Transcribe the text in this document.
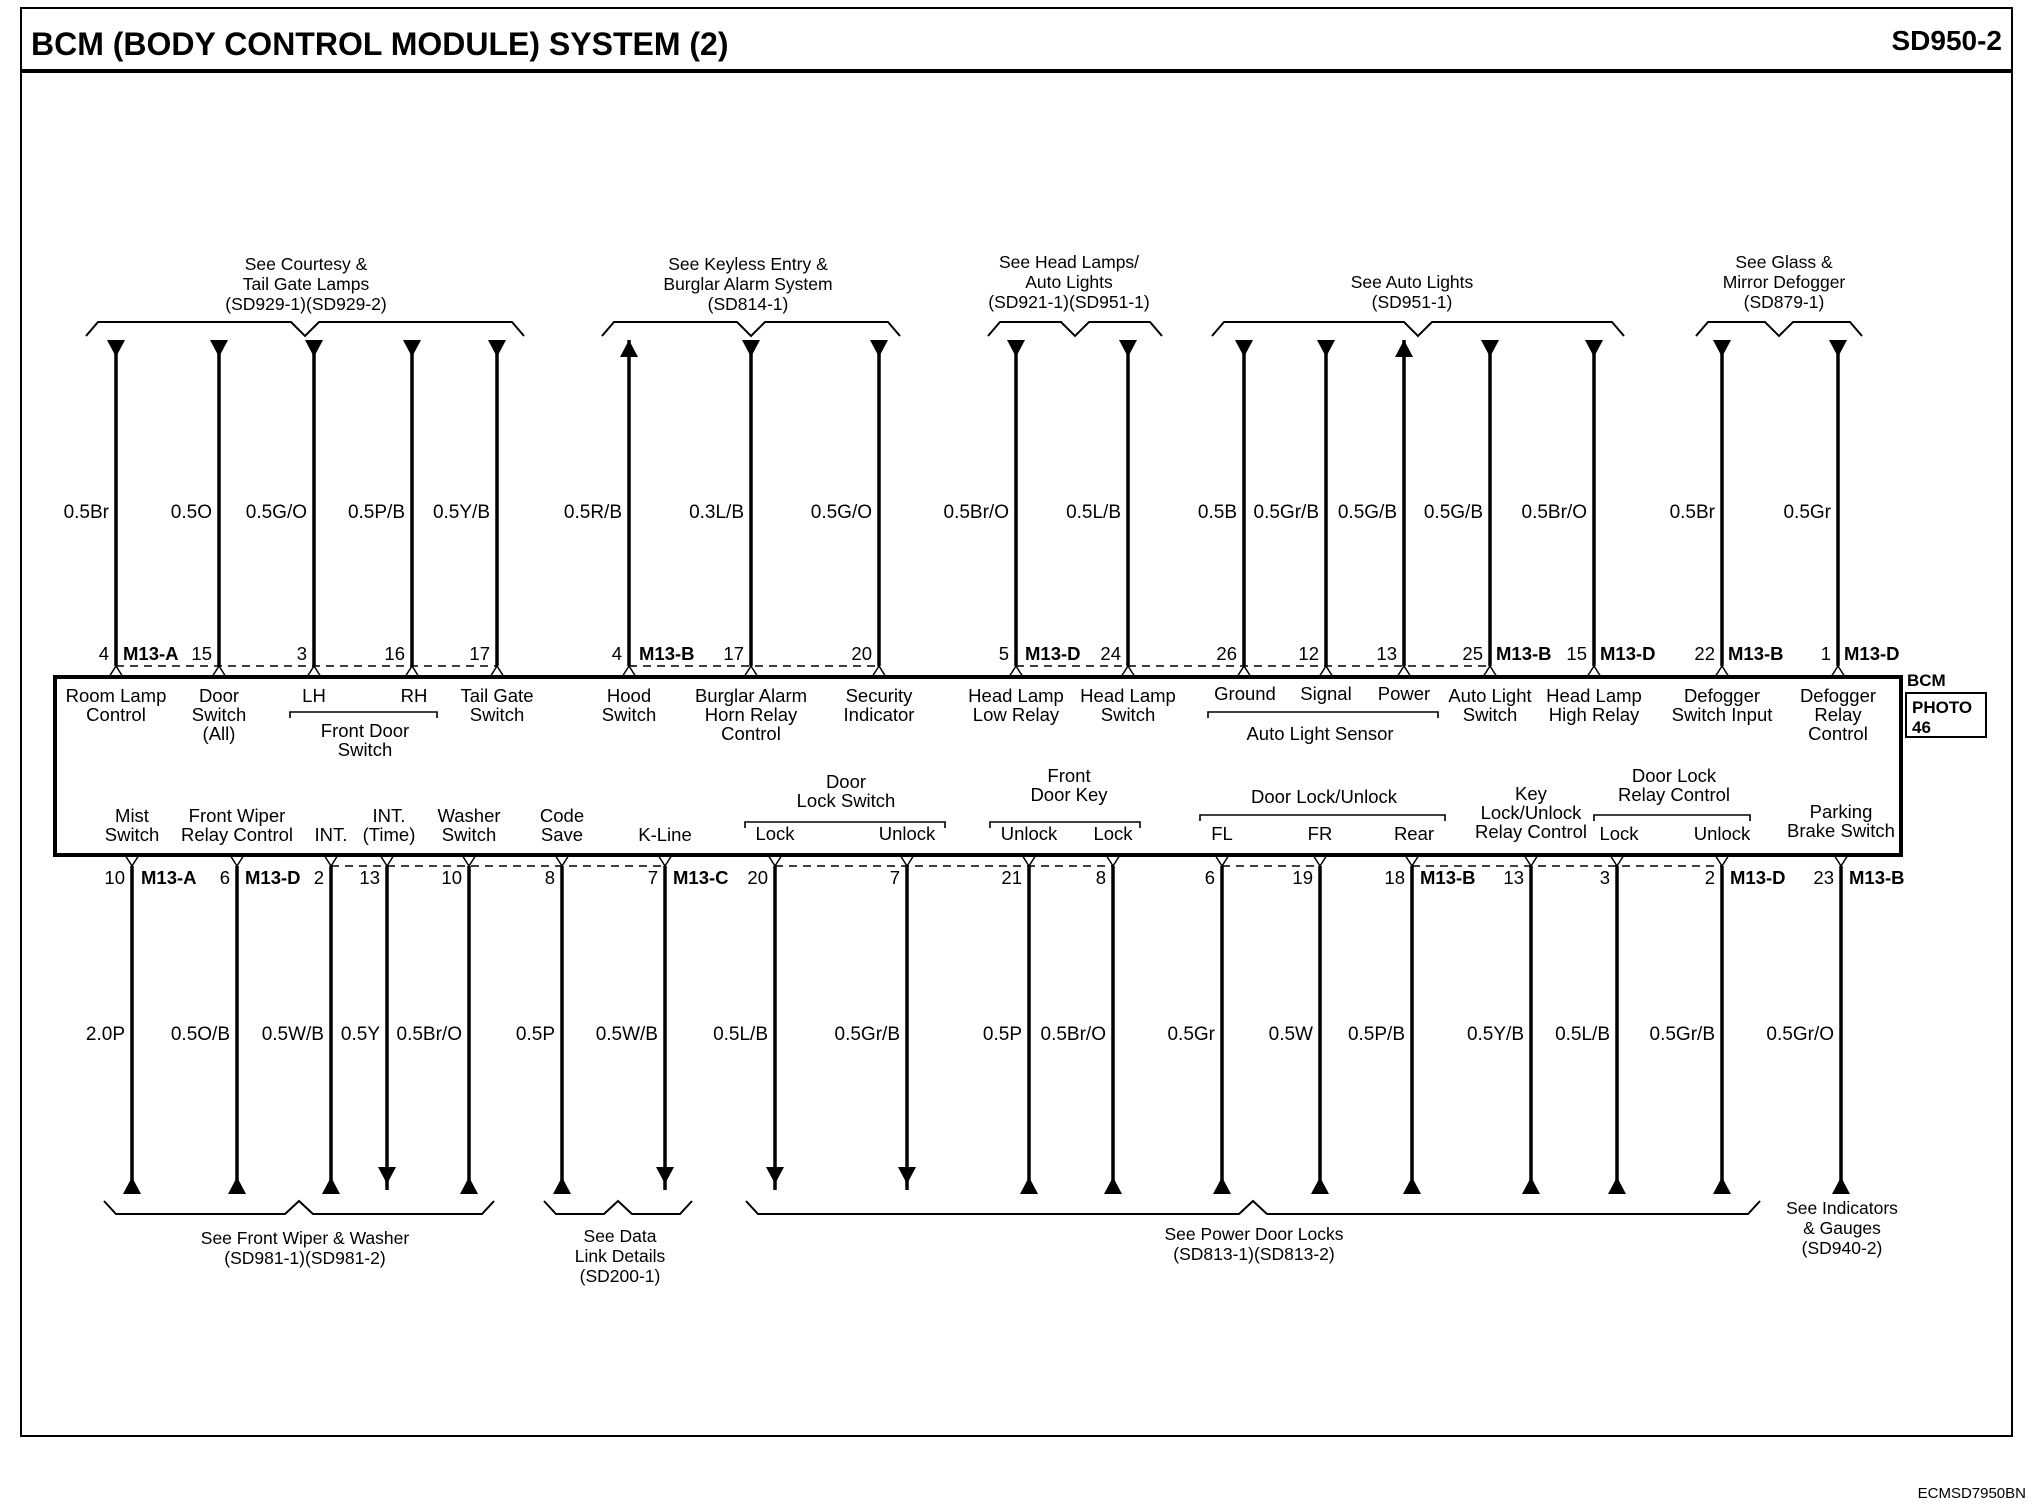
BCM (BODY CONTROL MODULE) SYSTEM (2)	SD950-2
BCM
PHOTO
46
See Courtesy &
Tail Gate Lamps
(SD929-1)(SD929-2)
See Keyless Entry &
Burglar Alarm System
(SD814-1)
See Head Lamps/
Auto Lights
(SD921-1)(SD951-1)
See Auto Lights
(SD951-1)
See Glass &
Mirror Defogger
(SD879-1)
See Front Wiper & Washer
(SD981-1)(SD981-2)
See Data
Link Details
(SD200-1)
See Power Door Locks
(SD813-1)(SD813-2)
See Indicators
& Gauges
(SD940-2)
0.5Br
4 M13-A
0.5O
15
0.5G/O
3
0.5P/B
16
0.5Y/B
17
0.5R/B
4 M13-B
0.3L/B
17
0.5G/O
20
0.5Br/O
5 M13-D
0.5L/B
24
0.5B
26
0.5Gr/B
12
0.5G/B
13
0.5G/B
25 M13-B
0.5Br/O
15 M13-D
0.5Br
22 M13-B
0.5Gr
1 M13-D
2.0P
10 M13-A
0.5O/B
6 M13-D
0.5W/B
2
0.5Y
13
0.5Br/O
10
0.5P
8
0.5W/B
7 M13-C
0.5L/B
20
0.5Gr/B
7
0.5P
21
0.5Br/O
8
0.5Gr
6
0.5W
19
0.5P/B
18 M13-B
0.5Y/B
13
0.5L/B
3
0.5Gr/B
2 M13-D
0.5Gr/O
23 M13-B
Room Lamp
Control
Door
Switch
(All)
Tail Gate
Switch
Hood
Switch
Burglar Alarm
Horn Relay
Control
Security
Indicator
Head Lamp
Low Relay
Head Lamp
Switch
Auto Light
Switch
Head Lamp
High Relay
Defogger
Switch Input
Defogger
Relay
Control
LH	RH
Front Door
Switch
Ground Signal Power
Auto Light Sensor
Mist
Switch
Front Wiper
Relay Control INT.
INT.
(Time)
Washer
Switch
Code
Save	K-Line
Parking
Brake Switch
Door
Lock Switch
Lock	Unlock
Front
Door Key
Unlock Lock
Door Lock/Unlock
FL	FR	Rear
Key
Lock/Unlock
Relay Control
Door Lock
Relay Control
Lock	Unlock
ECMSD7950BN
